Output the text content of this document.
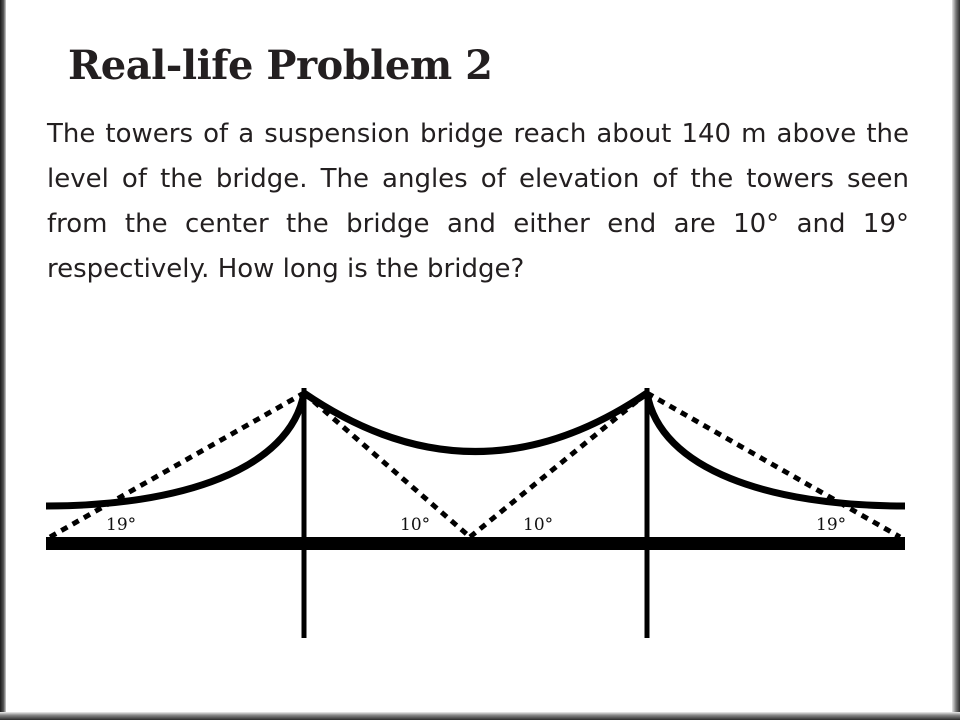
Real-life Problem 2

The towers of a suspension bridge reach about 140 m above the level of the bridge. The angles of elevation of the towers seen from the center the bridge and either end are 10° and 19° respectively. How long is the bridge?

19°	10°	10°	19°
